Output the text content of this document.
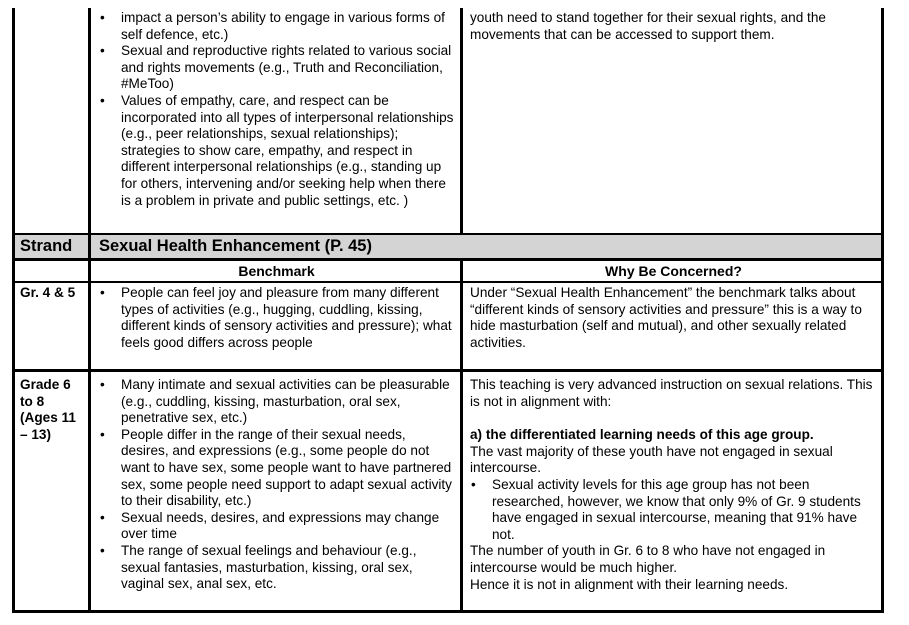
• impact a person’s ability to engage in various forms of self defence, etc.)
• Sexual and reproductive rights related to various social and rights movements (e.g., Truth and Reconciliation, #MeToo)
• Values of empathy, care, and respect can be incorporated into all types of interpersonal relationships (e.g., peer relationships, sexual relationships); strategies to show care, empathy, and respect in different interpersonal relationships (e.g., standing up for others, intervening and/or seeking help when there is a problem in private and public settings, etc. )

youth need to stand together for their sexual rights, and the movements that can be accessed to support them.

Strand	Sexual Health Enhancement (P. 45)
Benchmark	Why Be Concerned?
Gr. 4 & 5
•	People can feel joy and pleasure from many different types of activities (e.g., hugging, cuddling, kissing, different kinds of sensory activities and pressure); what feels good differs across people

Under “Sexual Health Enhancement” the benchmark talks about “different kinds of sensory activities and pressure” this is a way to hide masturbation (self and mutual), and other sexually related activities.

Grade 6 to 8 (Ages 11 – 13)
• Many intimate and sexual activities can be pleasurable (e.g., cuddling, kissing, masturbation, oral sex, penetrative sex, etc.)
• People differ in the range of their sexual needs, desires, and expressions (e.g., some people do not want to have sex, some people want to have partnered sex, some people need support to adapt sexual activity to their disability, etc.)
• Sexual needs, desires, and expressions may change over time
• The range of sexual feelings and behaviour (e.g., sexual fantasies, masturbation, kissing, oral sex, vaginal sex, anal sex, etc.

This teaching is very advanced instruction on sexual relations. This is not in alignment with:

a) the differentiated learning needs of this age group.

The vast majority of these youth have not engaged in sexual intercourse.

• Sexual activity levels for this age group has not been researched, however, we know that only 9% of Gr. 9 students have engaged in sexual intercourse, meaning that 91% have not.

The number of youth in Gr. 6 to 8 who have not engaged in intercourse would be much higher.

Hence it is not in alignment with their learning needs.
